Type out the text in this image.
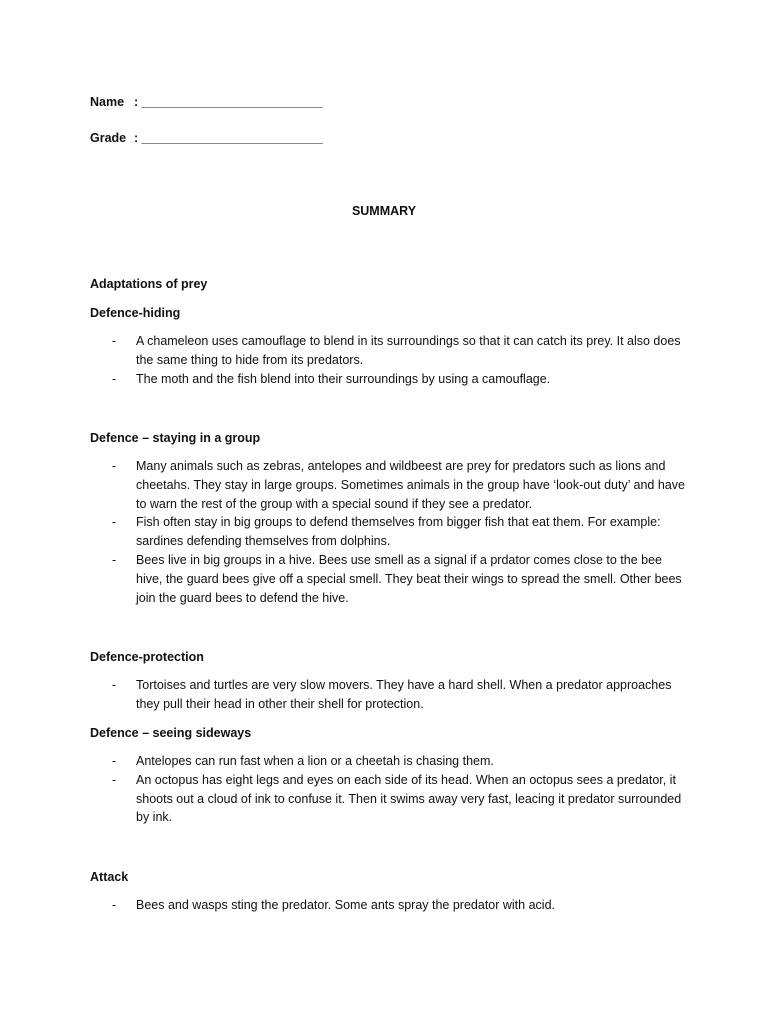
Name : ____________________________
Grade : ____________________________
SUMMARY
Adaptations of prey
Defence-hiding
- A chameleon uses camouflage to blend in its surroundings so that it can catch its prey. It also does the same thing to hide from its predators.
- The moth and the fish blend into their surroundings by using a camouflage.
Defence – staying in a group
- Many animals such as zebras, antelopes and wildbeest are prey for predators such as lions and cheetahs. They stay in large groups. Sometimes animals in the group have ‘look-out duty’ and have to warn the rest of the group with a special sound if they see a predator.
- Fish often stay in big groups to defend themselves from bigger fish that eat them. For example: sardines defending themselves from dolphins.
- Bees live in big groups in a hive. Bees use smell as a signal if a prdator comes close to the bee hive, the guard bees give off a special smell. They beat their wings to spread the smell. Other bees join the guard bees to defend the hive.
Defence-protection
- Tortoises and turtles are very slow movers. They have a hard shell. When a predator approaches they pull their head in other their shell for protection.
Defence – seeing sideways
- Antelopes can run fast when a lion or a cheetah is chasing them.
- An octopus has eight legs and eyes on each side of its head. When an octopus sees a predator, it shoots out a cloud of ink to confuse it. Then it swims away very fast, leacing it predator surrounded by ink.
Attack
- Bees and wasps sting the predator. Some ants spray the predator with acid.
